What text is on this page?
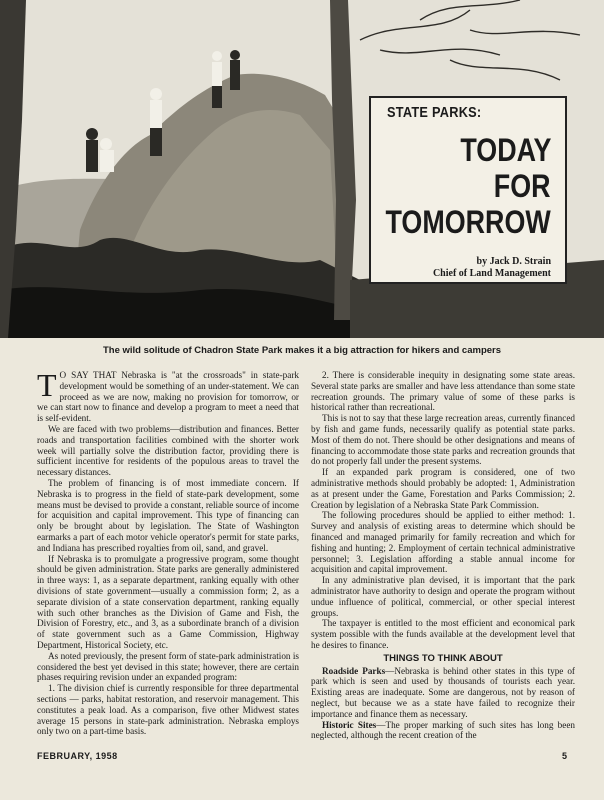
STATE PARKS:
TODAY
FOR
TOMORROW
by Jack D. Strain
Chief of Land Management
The wild solitude of Chadron State Park makes it a big attraction for hikers and campers

T O SAY THAT Nebraska is "at the crossroads" in state-park development would be something of an under-statement. We can proceed as we are now, making no provision for tomorrow, or we can start now to finance and develop a program to meet a need that is self-evident.

We are faced with two problems—distribution and finances. Better roads and transportation facilities combined with the shorter work week will partially solve the distribution factor, providing there is sufficient incentive for residents of the populous areas to travel the necessary distances.

The problem of financing is of most immediate concern. If Nebraska is to progress in the field of state-park development, some means must be devised to provide a constant, reliable source of income for acquisition and capital improvement. This type of financing can only be brought about by legislation. The State of Washington earmarks a part of each motor vehicle operator's permit for state parks, and Indiana has prescribed royalties from oil, sand, and gravel.

If Nebraska is to promulgate a progressive program, some thought should be given administration. State parks are generally administered in three ways: 1, as a separate department, ranking equally with other divisions of state government—usually a commission form; 2, as a separate division of a state conservation department, ranking equally with such other branches as the Division of Game and Fish, the Division of Forestry, etc., and 3, as a subordinate branch of a division of state government such as a Game Commission, Highway Department, Historical Society, etc.

As noted previously, the present form of state-park administration is considered the best yet devised in this state; however, there are certain phases requiring revision under an expanded program:

1. The division chief is currently responsible for three departmental sections — parks, habitat restoration, and reservoir management. This constitutes a peak load. As a comparison, five other Midwest states average 15 persons in state-park administration. Nebraska employs only two on a part-time basis.

2. There is considerable inequity in designating some state areas. Several state parks are smaller and have less attendance than some state recreation grounds. The primary value of some of these parks is historical rather than recreational.

This is not to say that these large recreation areas, currently financed by fish and game funds, necessarily qualify as potential state parks. Most of them do not. There should be other designations and means of financing to accommodate those state parks and recreation grounds that do not properly fall under the present systems.

If an expanded park program is considered, one of two administrative methods should probably be adopted: 1, Administration as at present under the Game, Forestation and Parks Commission; 2. Creation by legislation of a Nebraska State Park Commission.

The following procedures should be applied to either method: 1. Survey and analysis of existing areas to determine which should be financed and managed primarily for family recreation and which for fishing and hunting; 2. Employment of certain technical administrative personnel; 3. Legislation affording a stable annual income for acquisition and capital improvement.

In any administrative plan devised, it is important that the park administrator have authority to design and operate the program without undue influence of political, commercial, or other special interest groups.

The taxpayer is entitled to the most efficient and economical park system possible with the funds available at the development level that he desires to finance.

THINGS TO THINK ABOUT

Roadside Parks—Nebraska is behind other states in this type of park which is seen and used by thousands of tourists each year. Existing areas are inadequate. Some are dangerous, not by reason of neglect, but because we as a state have failed to recognize their importance and finance them as necessary.

Historic Sites—The proper marking of such sites has long been neglected, although the recent creation of the

FEBRUARY, 1958	5
